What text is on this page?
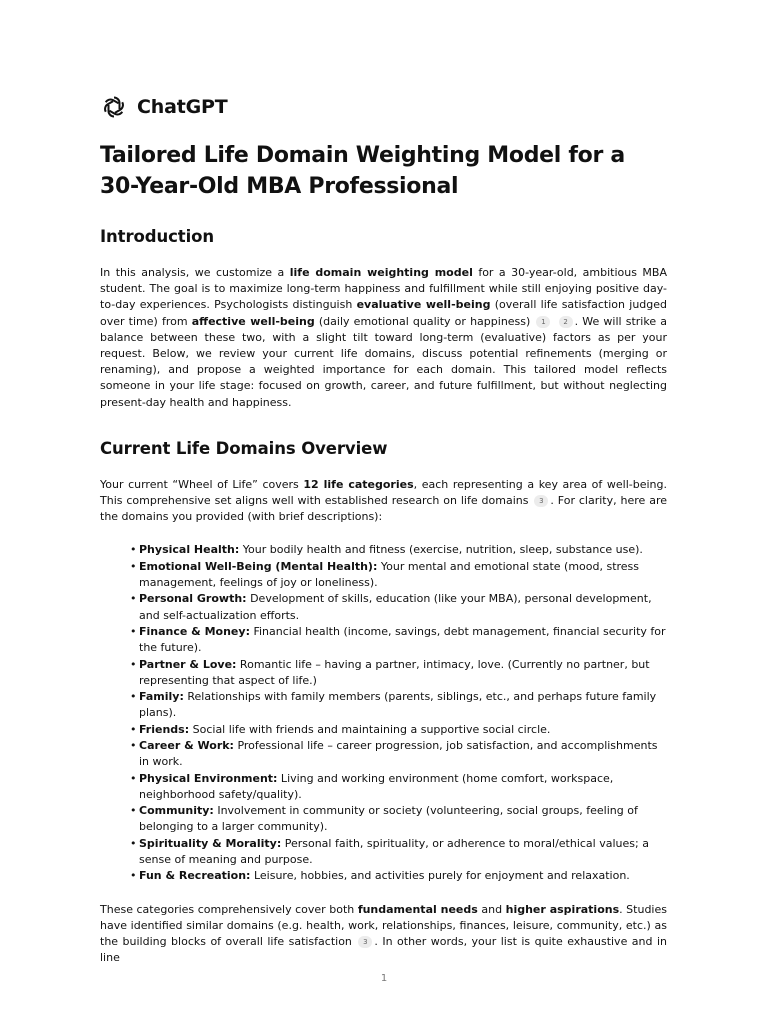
ChatGPT
Tailored Life Domain Weighting Model for a 30-Year-Old MBA Professional
Introduction

In this analysis, we customize a life domain weighting model for a 30-year-old, ambitious MBA student. The goal is to maximize long-term happiness and fulfillment while still enjoying positive day-to-day experiences. Psychologists distinguish evaluative well-being (overall life satisfaction judged over time) from affective well-being (daily emotional quality or happiness) 1	2 . We will strike a balance between these two, with a slight tilt toward long-term (evaluative) factors as per your request. Below, we review your current life domains, discuss potential refinements (merging or renaming), and propose a weighted importance for each domain. This tailored model reflects someone in your life stage: focused on growth, career, and future fulfillment, but without neglecting present-day health and happiness.

Current Life Domains Overview

Your current “Wheel of Life” covers 12 life categories, each representing a key area of well-being. This comprehensive set aligns well with established research on life domains 3 . For clarity, here are the domains you provided (with brief descriptions):

• Physical Health: Your bodily health and fitness (exercise, nutrition, sleep, substance use).
• Emotional Well-Being (Mental Health): Your mental and emotional state (mood, stress management, feelings of joy or loneliness).
• Personal Growth: Development of skills, education (like your MBA), personal development, and self-actualization efforts.
• Finance & Money: Financial health (income, savings, debt management, financial security for the future).
• Partner & Love: Romantic life – having a partner, intimacy, love. (Currently no partner, but representing that aspect of life.)
• Family: Relationships with family members (parents, siblings, etc., and perhaps future family plans).
• Friends: Social life with friends and maintaining a supportive social circle.
• Career & Work: Professional life – career progression, job satisfaction, and accomplishments in work.
• Physical Environment: Living and working environment (home comfort, workspace, neighborhood safety/quality).
• Community: Involvement in community or society (volunteering, social groups, feeling of belonging to a larger community).
• Spirituality & Morality: Personal faith, spirituality, or adherence to moral/ethical values; a sense of meaning and purpose.
• Fun & Recreation: Leisure, hobbies, and activities purely for enjoyment and relaxation.

These categories comprehensively cover both fundamental needs and higher aspirations. Studies have identified similar domains (e.g. health, work, relationships, finances, leisure, community, etc.) as the building blocks of overall life satisfaction 3 . In other words, your list is quite exhaustive and in line

1
